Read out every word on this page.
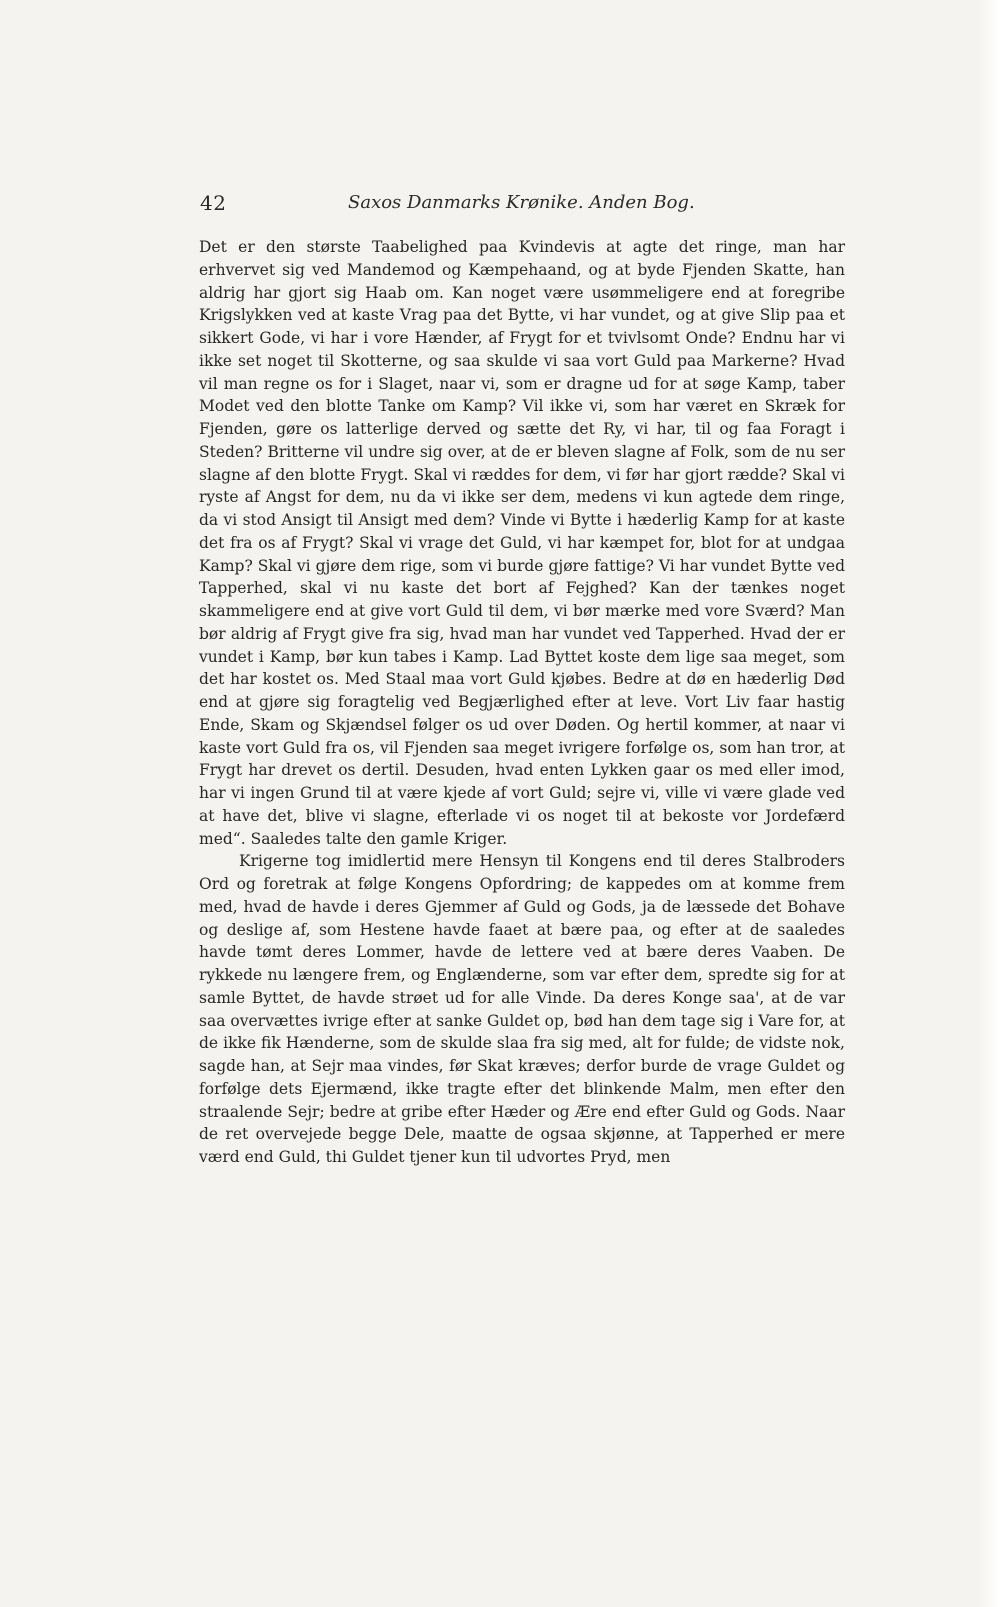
42	Saxos Danmarks Krønike. Anden Bog.

Det er den største Taabelighed paa Kvindevis at agte det ringe, man har erhvervet sig ved Mandemod og Kæmpehaand, og at byde Fjenden Skatte, han aldrig har gjort sig Haab om. Kan noget være usømmeligere end at foregribe Krigslykken ved at kaste Vrag paa det Bytte, vi har vundet, og at give Slip paa et sikkert Gode, vi har i vore Hænder, af Frygt for et tvivlsomt Onde? Endnu har vi ikke set noget til Skotterne, og saa skulde vi saa vort Guld paa Markerne? Hvad vil man regne os for i Slaget, naar vi, som er dragne ud for at søge Kamp, taber Modet ved den blotte Tanke om Kamp? Vil ikke vi, som har været en Skræk for Fjenden, gøre os latterlige derved og sætte det Ry, vi har, til og faa Foragt i Steden? Britterne vil undre sig over, at de er bleven slagne af Folk, som de nu ser slagne af den blotte Frygt. Skal vi ræddes for dem, vi før har gjort rædde? Skal vi ryste af Angst for dem, nu da vi ikke ser dem, medens vi kun agtede dem ringe, da vi stod Ansigt til Ansigt med dem? Vinde vi Bytte i hæderlig Kamp for at kaste det fra os af Frygt? Skal vi vrage det Guld, vi har kæmpet for, blot for at undgaa Kamp? Skal vi gjøre dem rige, som vi burde gjøre fattige? Vi har vundet Bytte ved Tapperhed, skal vi nu kaste det bort af Fejghed? Kan der tænkes noget skammeligere end at give vort Guld til dem, vi bør mærke med vore Sværd? Man bør aldrig af Frygt give fra sig, hvad man har vundet ved Tapperhed. Hvad der er vundet i Kamp, bør kun tabes i Kamp. Lad Byttet koste dem lige saa meget, som det har kostet os. Med Staal maa vort Guld kjøbes. Bedre at dø en hæderlig Død end at gjøre sig foragtelig ved Begjærlighed efter at leve. Vort Liv faar hastig Ende, Skam og Skjændsel følger os ud over Døden. Og hertil kommer, at naar vi kaste vort Guld fra os, vil Fjenden saa meget ivrigere forfølge os, som han tror, at Frygt har drevet os dertil. Desuden, hvad enten Lykken gaar os med eller imod, har vi ingen Grund til at være kjede af vort Guld; sejre vi, ville vi være glade ved at have det, blive vi slagne, efterlade vi os noget til at bekoste vor Jordefærd med“. Saaledes talte den gamle Kriger.

Krigerne tog imidlertid mere Hensyn til Kongens end til deres Stalbroders Ord og foretrak at følge Kongens Opfordring; de kappedes om at komme frem med, hvad de havde i deres Gjemmer af Guld og Gods, ja de læssede det Bohave og deslige af, som Hestene havde faaet at bære paa, og efter at de saaledes havde tømt deres Lommer, havde de lettere ved at bære deres Vaaben. De rykkede nu længere frem, og Englænderne, som var efter dem, spredte sig for at samle Byttet, de havde strøet ud for alle Vinde. Da deres Konge saa', at de var saa overvættes ivrige efter at sanke Guldet op, bød han dem tage sig i Vare for, at de ikke fik Hænderne, som de skulde slaa fra sig med, alt for fulde; de vidste nok, sagde han, at Sejr maa vindes, før Skat kræves; derfor burde de vrage Guldet og forfølge dets Ejermænd, ikke tragte efter det blinkende Malm, men efter den straalende Sejr; bedre at gribe efter Hæder og Ære end efter Guld og Gods. Naar de ret overvejede begge Dele, maatte de ogsaa skjønne, at Tapperhed er mere værd end Guld, thi Guldet tjener kun til udvortes Pryd, men
